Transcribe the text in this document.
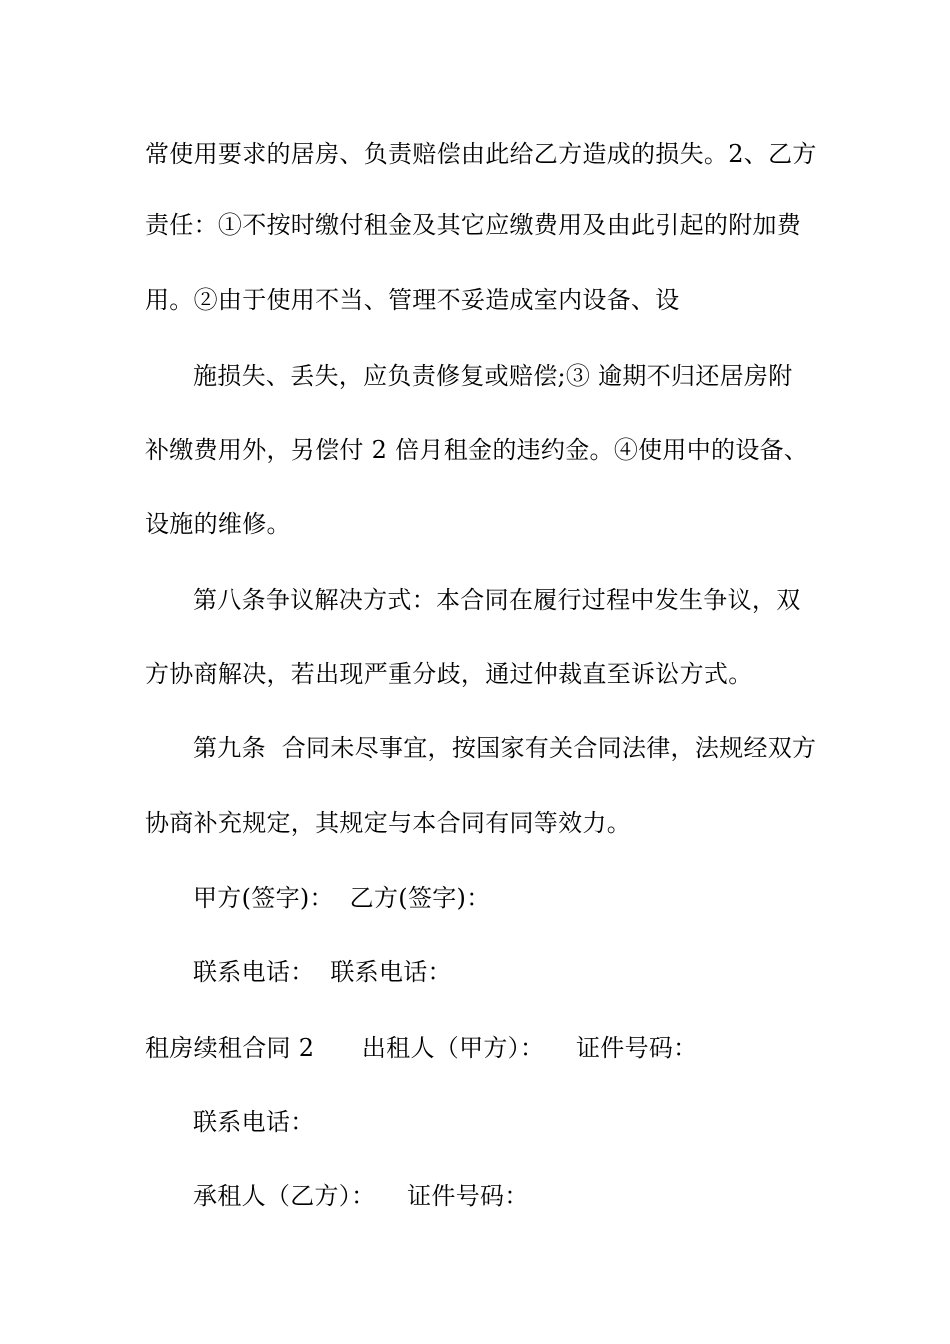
常使用要求的居房、负责赔偿由此给乙方造成的损失。2、乙方
责任：①不按时缴付租金及其它应缴费用及由此引起的附加费
用。②由于使用不当、管理不妥造成室内设备、设
施损失、丢失，应负责修复或赔偿;③ 逾期不归还居房附
补缴费用外，另偿付 2 倍月租金的违约金。④使用中的设备、
设施的维修。
第八条争议解决方式：本合同在履行过程中发生争议，双
方协商解决，若出现严重分歧，通过仲裁直至诉讼方式。
第九条  合同未尽事宜，按国家有关合同法律，法规经双方
协商补充规定，其规定与本合同有同等效力。
甲方(签字)：  乙方(签字)：
联系电话：  联系电话：
租房续租合同 2      出租人（甲方）：    证件号码：
联系电话：
承租人（乙方）：    证件号码：
